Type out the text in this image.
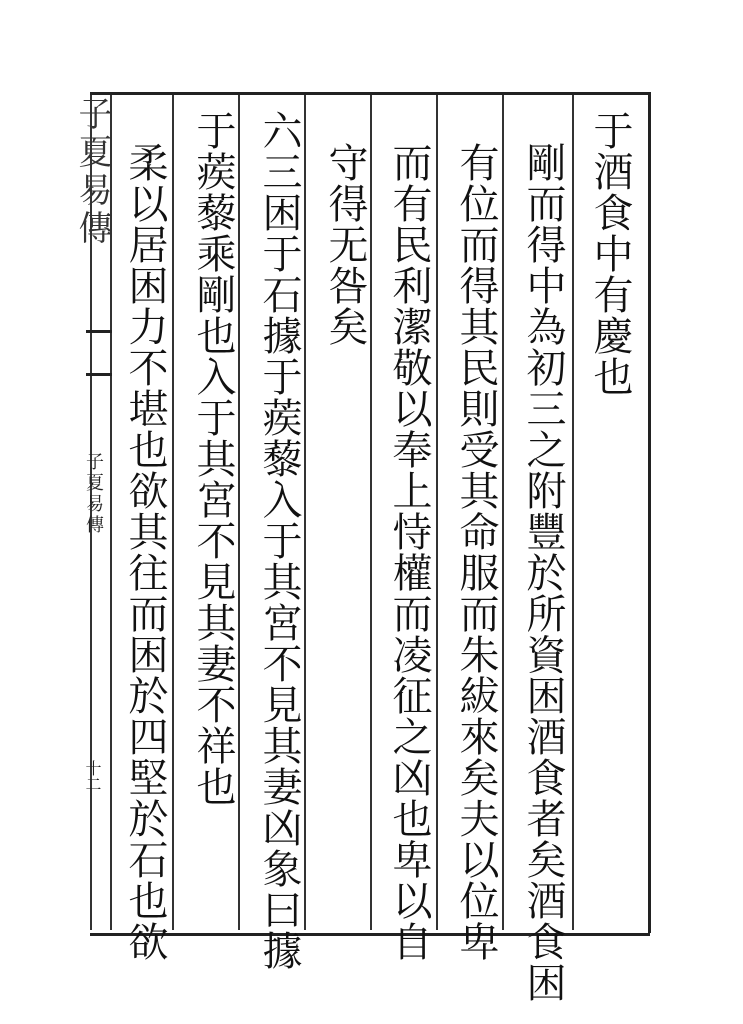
子夏易傳
子夏易傳
十二
于酒食中有慶也
剛而得中為初三之附豐於所資困酒食者矣酒食困
有位而得其民則受其命服而朱紱來矣夫以位卑
而有民利潔敬以奉上恃權而凌征之凶也卑以自
守得无咎矣
六三困于石據于蒺藜入于其宮不見其妻凶象曰據
于蒺藜乘剛也入于其宮不見其妻不祥也
柔以居困力不堪也欲其往而困於四堅於石也欲
